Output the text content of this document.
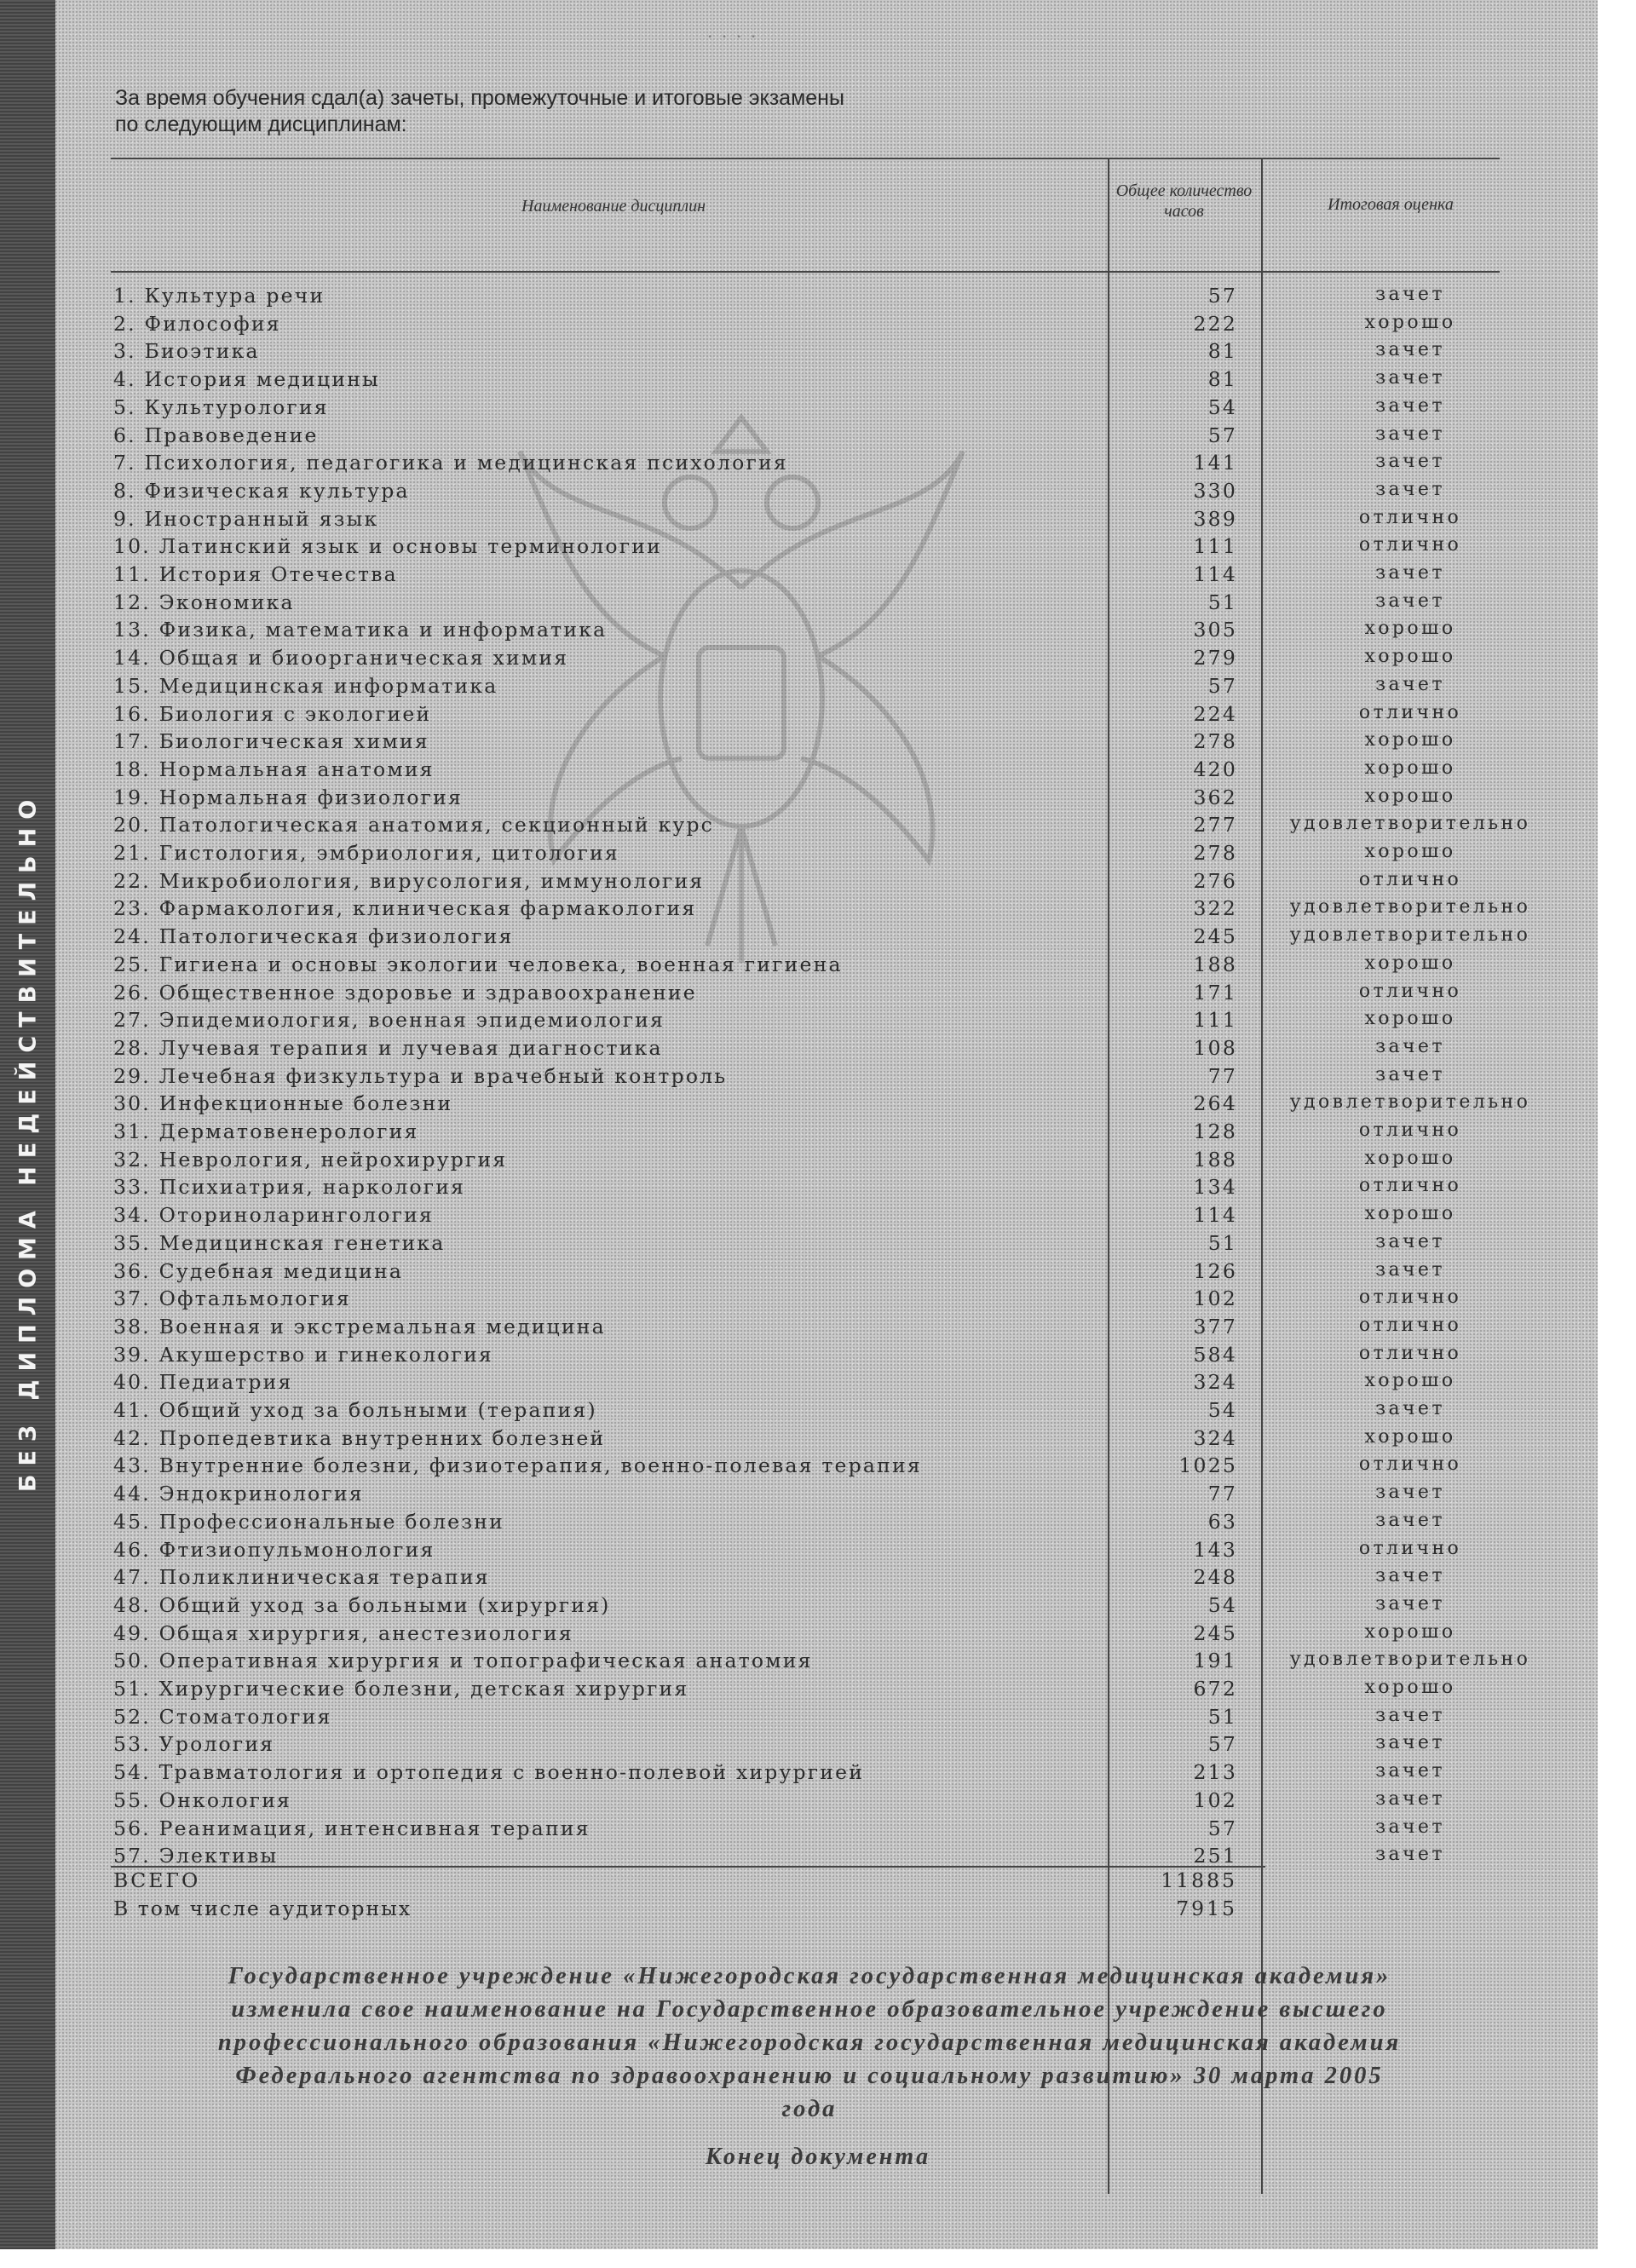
БЕЗ ДИПЛОМА НЕДЕЙСТВИТЕЛЬНО
· · · ·
За время обучения сдал(а) зачеты, промежуточные и итоговые экзамены
по следующим дисциплинам:
Наименование дисциплин
Общее количество часов	Итоговая оценка
1. Культура речи	57	зачет
2. Философия	222	хорошо
3. Биоэтика	81	зачет
4. История медицины	81	зачет
5. Культурология	54	зачет
6. Правоведение	57	зачет
7. Психология, педагогика и медицинская психология	141	зачет
8. Физическая культура	330	зачет
9. Иностранный язык	389	отлично
10. Латинский язык и основы терминологии	111	отлично
11. История Отечества	114	зачет
12. Экономика	51	зачет
13. Физика, математика и информатика	305	хорошо
14. Общая и биоорганическая химия	279	хорошо
15. Медицинская информатика	57	зачет
16. Биология с экологией	224	отлично
17. Биологическая химия	278	хорошо
18. Нормальная анатомия	420	хорошо
19. Нормальная физиология	362	хорошо
20. Патологическая анатомия, секционный курс	277	удовлетворительно
21. Гистология, эмбриология, цитология	278	хорошо
22. Микробиология, вирусология, иммунология	276	отлично
23. Фармакология, клиническая фармакология	322	удовлетворительно
24. Патологическая физиология	245	удовлетворительно
25. Гигиена и основы экологии человека, военная гигиена	188	хорошо
26. Общественное здоровье и здравоохранение	171	отлично
27. Эпидемиология, военная эпидемиология	111	хорошо
28. Лучевая терапия и лучевая диагностика	108	зачет
29. Лечебная физкультура и врачебный контроль	77	зачет
30. Инфекционные болезни	264	удовлетворительно
31. Дерматовенерология	128	отлично
32. Неврология, нейрохирургия	188	хорошо
33. Психиатрия, наркология	134	отлично
34. Оториноларингология	114	хорошо
35. Медицинская генетика	51	зачет
36. Судебная медицина	126	зачет
37. Офтальмология	102	отлично
38. Военная и экстремальная медицина	377	отлично
39. Акушерство и гинекология	584	отлично
40. Педиатрия	324	хорошо
41. Общий уход за больными (терапия)	54	зачет
42. Пропедевтика внутренних болезней	324	хорошо
43. Внутренние болезни, физиотерапия, военно-полевая терапия	1025	отлично
44. Эндокринология	77	зачет
45. Профессиональные болезни	63	зачет
46. Фтизиопульмонология	143	отлично
47. Поликлиническая терапия	248	зачет
48. Общий уход за больными (хирургия)	54	зачет
49. Общая хирургия, анестезиология	245	хорошо
50. Оперативная хирургия и топографическая анатомия	191	удовлетворительно
51. Хирургические болезни, детская хирургия	672	хорошо
52. Стоматология	51	зачет
53. Урология	57	зачет
54. Травматология и ортопедия с военно-полевой хирургией	213	зачет
55. Онкология	102	зачет
56. Реанимация, интенсивная терапия	57	зачет
57. Элективы	251	зачет
ВСЕГО	11885
В том числе аудиторных	7915
Государственное учреждение «Нижегородская государственная медицинская академия» изменила свое наименование на Государственное образовательное учреждение высшего профессионального образования «Нижегородская государственная медицинская академия Федерального агентства по здравоохранению и социальному развитию» 30 марта 2005 года
Конец документа
